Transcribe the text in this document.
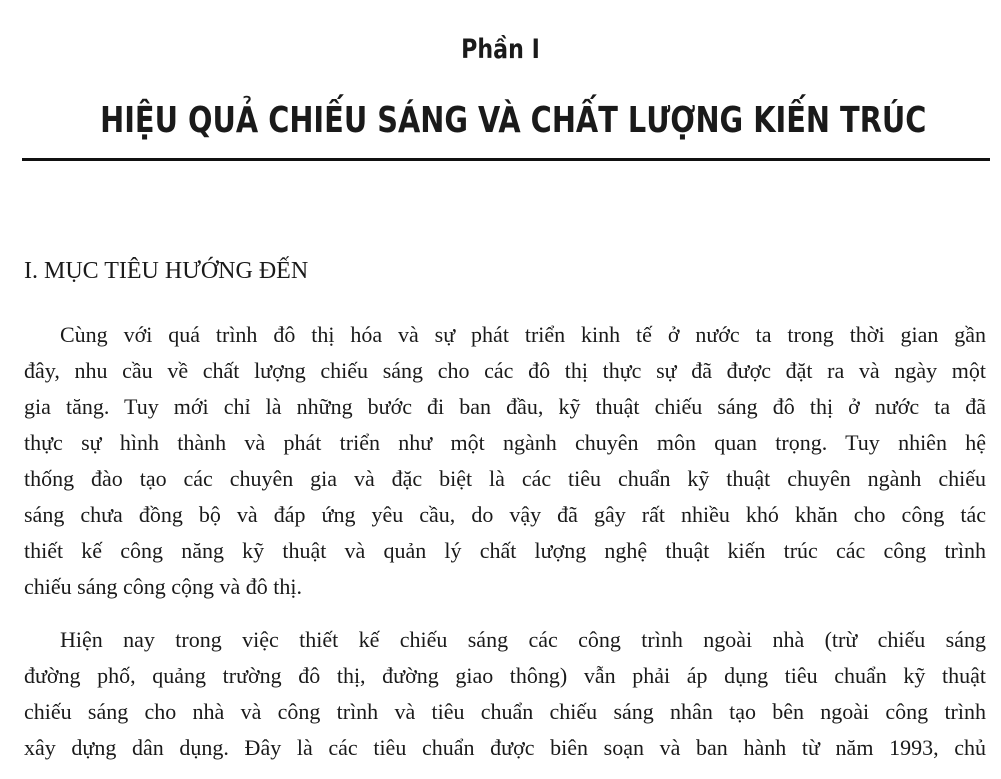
Phần I
HIỆU QUẢ CHIẾU SÁNG VÀ CHẤT LƯỢNG KIẾN TRÚC
I. MỤC TIÊU HƯỚNG ĐẾN
Cùng với quá trình đô thị hóa và sự phát triển kinh tế ở nước ta trong thời gian gần
đây, nhu cầu về chất lượng chiếu sáng cho các đô thị thực sự đã được đặt ra và ngày một
gia tăng. Tuy mới chỉ là những bước đi ban đầu, kỹ thuật chiếu sáng đô thị ở nước ta đã
thực sự hình thành và phát triển như một ngành chuyên môn quan trọng. Tuy nhiên hệ
thống đào tạo các chuyên gia và đặc biệt là các tiêu chuẩn kỹ thuật chuyên ngành chiếu
sáng chưa đồng bộ và đáp ứng yêu cầu, do vậy đã gây rất nhiều khó khăn cho công tác
thiết kế công năng kỹ thuật và quản lý chất lượng nghệ thuật kiến trúc các công trình
chiếu sáng công cộng và đô thị.
Hiện nay trong việc thiết kế chiếu sáng các công trình ngoài nhà (trừ chiếu sáng
đường phố, quảng trường đô thị, đường giao thông) vẫn phải áp dụng tiêu chuẩn kỹ thuật
chiếu sáng cho nhà và công trình và tiêu chuẩn chiếu sáng nhân tạo bên ngoài công trình
xây dựng dân dụng. Đây là các tiêu chuẩn được biên soạn và ban hành từ năm 1993, chủ
